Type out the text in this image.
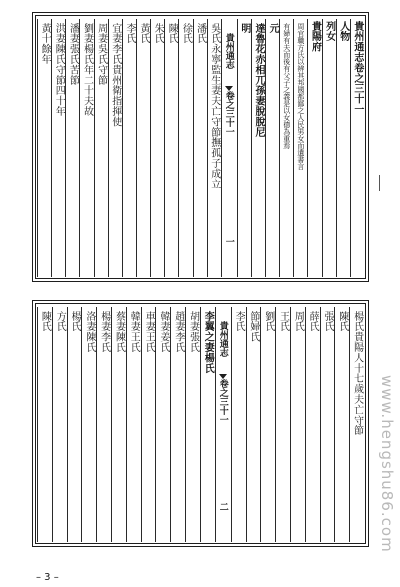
貴州通志卷之三十一
人物
列女
貴陽府
周官職方氏以辨其邦國都鄙之人民男女而遺書言
有婦有夫而後有父子之義是以女德為重焉
元
達魯花赤相兀孫妻脫脫尼
明
貴州通志
卷之三十一
一
吳氏永寧監生妻夫亡守節撫孤子成立
潘氏
徐氏
陳氏
朱氏
黃氏
李氏
宜妻李氏貴州衛指揮使
周妻吳氏守節
劉妻楊氏年二十夫故
潘妻張氏苦節
洪妻陳氏守節四十年
黃十餘年
楊氏貴陽人十七歲夫亡守節
陳氏
張氏
薛氏
周氏
王氏
劉氏
節婦氏
李氏
貴州通志
卷之三十一
二
李翼之妻楊氏
胡妻張氏
趙妻李氏
韓妻姜氏
車妻王氏
韓妻王氏
蔡妻陳氏
楊妻李氏
洛妻陳氏
楊氏
方氏
陳氏
– 3 –
www.hengshu86.com
